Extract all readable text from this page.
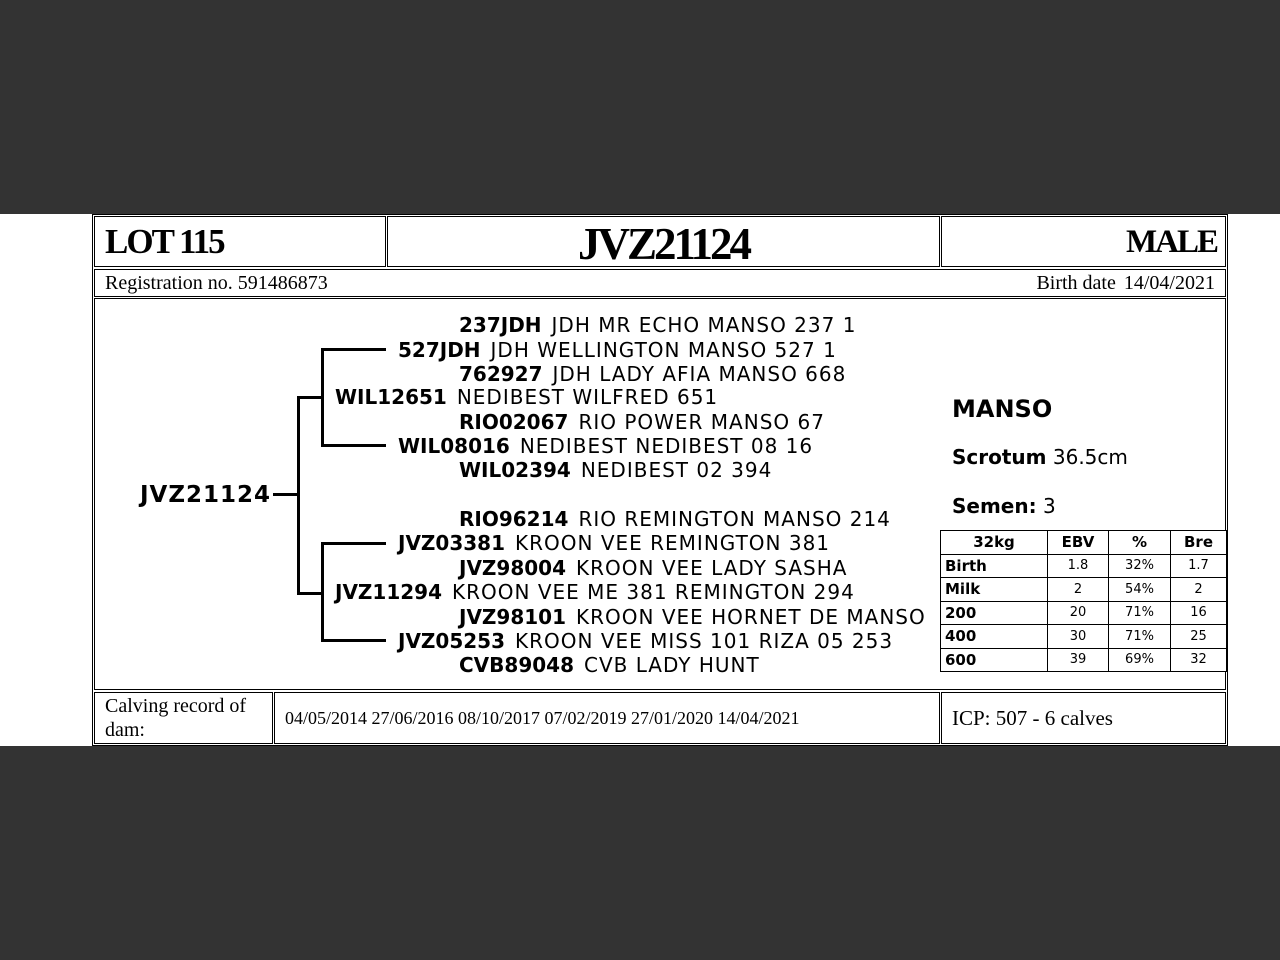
LOT 115	JVZ21124	MALE
Registration no. 591486873	Birth date 14/04/2021
JVZ21124
237JDH JDH MR ECHO MANSO 237 1
527JDH JDH WELLINGTON MANSO 527 1
762927 JDH LADY AFIA MANSO 668
WIL12651 NEDIBEST WILFRED 651
RIO02067 RIO POWER MANSO 67
WIL08016 NEDIBEST NEDIBEST 08 16
WIL02394 NEDIBEST 02 394
RIO96214 RIO REMINGTON MANSO 214
JVZ03381 KROON VEE REMINGTON 381
JVZ98004 KROON VEE LADY SASHA
JVZ11294 KROON VEE ME 381 REMINGTON 294
JVZ98101 KROON VEE HORNET DE MANSO
JVZ05253 KROON VEE MISS 101 RIZA 05 253
CVB89048 CVB LADY HUNT
MANSO
Scrotum 36.5cm
Semen: 3
32kg	EBV	%	Bre
Birth	1.8	32%	1.7
Milk	2	54%	2
200	20	71%	16
400	30	71%	25
600	39	69%	32
Calving record of dam:
04/05/2014 27/06/2016 08/10/2017 07/02/2019 27/01/2020 14/04/2021	ICP: 507 - 6 calves
